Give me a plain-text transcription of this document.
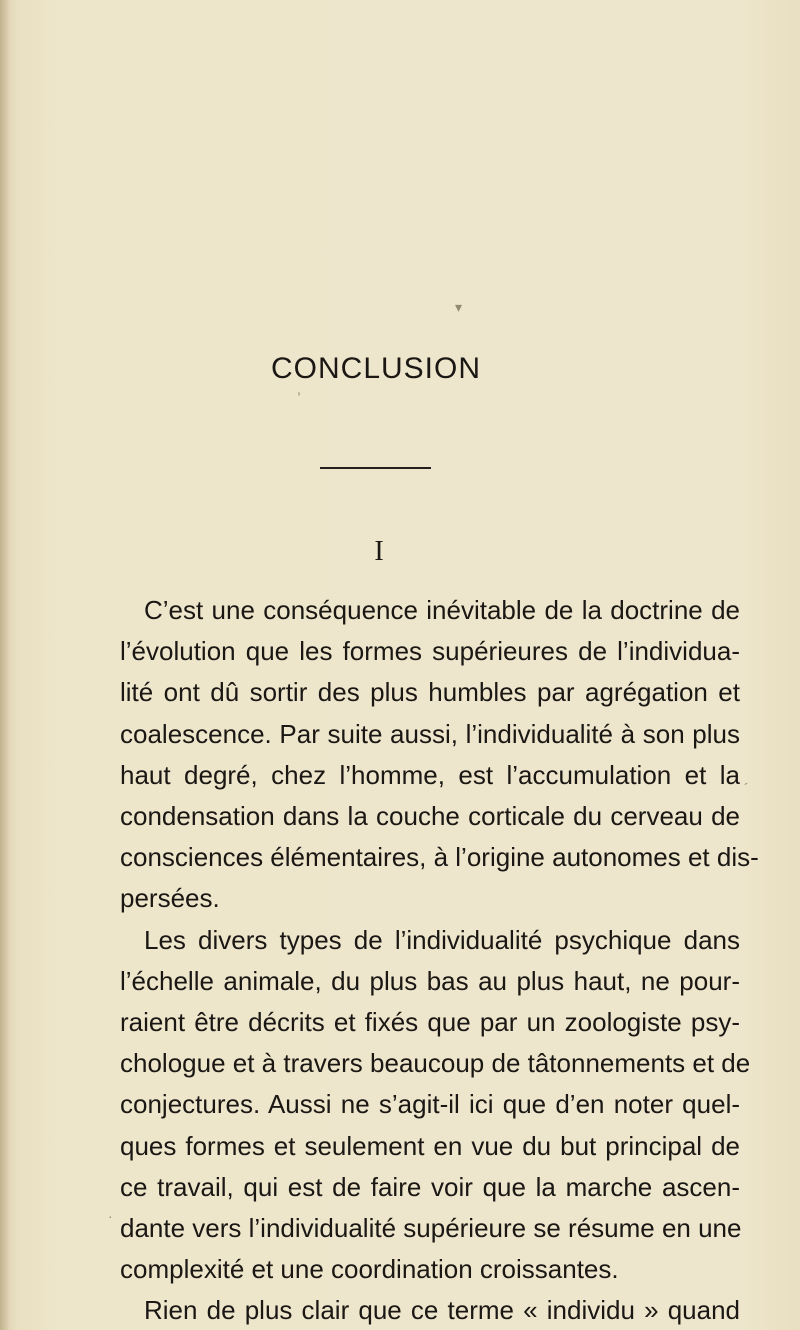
▾
,
´
·
CONCLUSION

I

C’est une conséquence inévitable de la doctrine de
l’évolution que les formes supérieures de l’individua-
lité ont dû sortir des plus humbles par agrégation et
coalescence. Par suite aussi, l’individualité à son plus
haut degré, chez l’homme, est l’accumulation et la
condensation dans la couche corticale du cerveau de
consciences élémentaires, à l’origine autonomes et dis-
persées.
Les divers types de l’individualité psychique dans
l’échelle animale, du plus bas au plus haut, ne pour-
raient être décrits et fixés que par un zoologiste psy-
chologue et à travers beaucoup de tâtonnements et de
conjectures. Aussi ne s’agit-il ici que d’en noter quel-
ques formes et seulement en vue du but principal de
ce travail, qui est de faire voir que la marche ascen-
dante vers l’individualité supérieure se résume en une
complexité et une coordination croissantes.
Rien de plus clair que ce terme « individu » quand
